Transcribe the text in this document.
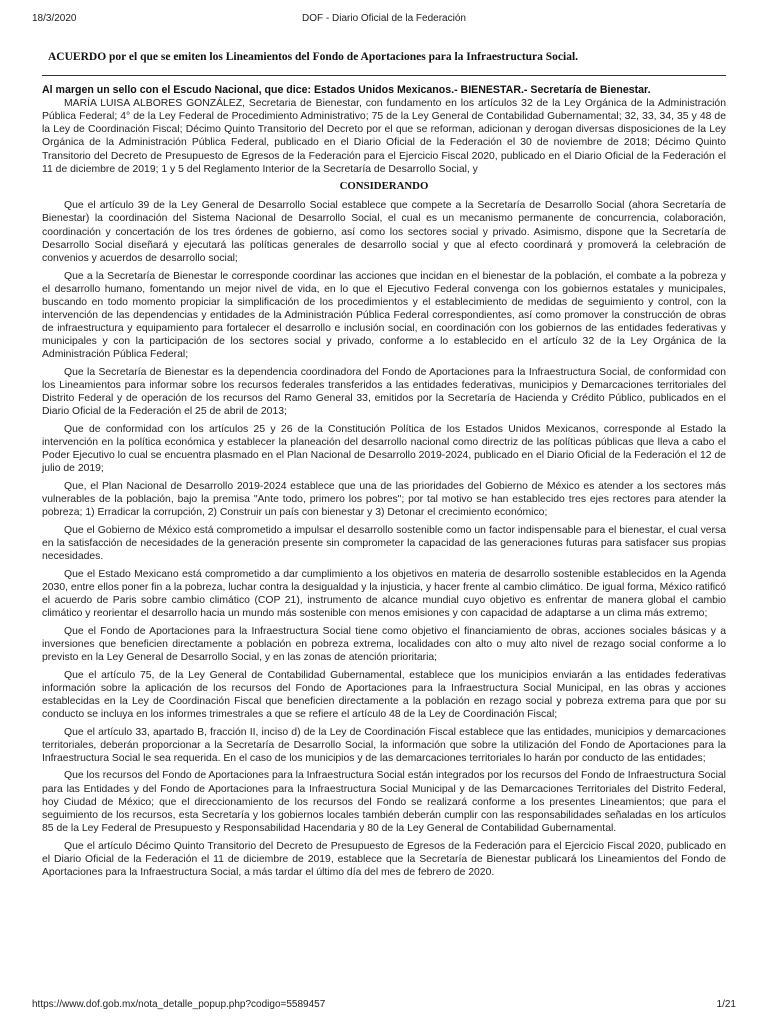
18/3/2020	DOF - Diario Oficial de la Federación

ACUERDO por el que se emiten los Lineamientos del Fondo de Aportaciones para la Infraestructura Social.

Al margen un sello con el Escudo Nacional, que dice: Estados Unidos Mexicanos.- BIENESTAR.- Secretaría de Bienestar.

MARÍA LUISA ALBORES GONZÁLEZ, Secretaria de Bienestar, con fundamento en los artículos 32 de la Ley Orgánica de la Administración Pública Federal; 4° de la Ley Federal de Procedimiento Administrativo; 75 de la Ley General de Contabilidad Gubernamental; 32, 33, 34, 35 y 48 de la Ley de Coordinación Fiscal; Décimo Quinto Transitorio del Decreto por el que se reforman, adicionan y derogan diversas disposiciones de la Ley Orgánica de la Administración Pública Federal, publicado en el Diario Oficial de la Federación el 30 de noviembre de 2018; Décimo Quinto Transitorio del Decreto de Presupuesto de Egresos de la Federación para el Ejercicio Fiscal 2020, publicado en el Diario Oficial de la Federación el 11 de diciembre de 2019; 1 y 5 del Reglamento Interior de la Secretaría de Desarrollo Social, y

CONSIDERANDO

Que el artículo 39 de la Ley General de Desarrollo Social establece que compete a la Secretaría de Desarrollo Social (ahora Secretaría de Bienestar) la coordinación del Sistema Nacional de Desarrollo Social, el cual es un mecanismo permanente de concurrencia, colaboración, coordinación y concertación de los tres órdenes de gobierno, así como los sectores social y privado. Asimismo, dispone que la Secretaría de Desarrollo Social diseñará y ejecutará las políticas generales de desarrollo social y que al efecto coordinará y promoverá la celebración de convenios y acuerdos de desarrollo social;

Que a la Secretaría de Bienestar le corresponde coordinar las acciones que incidan en el bienestar de la población, el combate a la pobreza y el desarrollo humano, fomentando un mejor nivel de vida, en lo que el Ejecutivo Federal convenga con los gobiernos estatales y municipales, buscando en todo momento propiciar la simplificación de los procedimientos y el establecimiento de medidas de seguimiento y control, con la intervención de las dependencias y entidades de la Administración Pública Federal correspondientes, así como promover la construcción de obras de infraestructura y equipamiento para fortalecer el desarrollo e inclusión social, en coordinación con los gobiernos de las entidades federativas y municipales y con la participación de los sectores social y privado, conforme a lo establecido en el artículo 32 de la Ley Orgánica de la Administración Pública Federal;

Que la Secretaría de Bienestar es la dependencia coordinadora del Fondo de Aportaciones para la Infraestructura Social, de conformidad con los Lineamientos para informar sobre los recursos federales transferidos a las entidades federativas, municipios y Demarcaciones territoriales del Distrito Federal y de operación de los recursos del Ramo General 33, emitidos por la Secretaría de Hacienda y Crédito Público, publicados en el Diario Oficial de la Federación el 25 de abril de 2013;

Que de conformidad con los artículos 25 y 26 de la Constitución Política de los Estados Unidos Mexicanos, corresponde al Estado la intervención en la política económica y establecer la planeación del desarrollo nacional como directriz de las políticas públicas que lleva a cabo el Poder Ejecutivo lo cual se encuentra plasmado en el Plan Nacional de Desarrollo 2019-2024, publicado en el Diario Oficial de la Federación el 12 de julio de 2019;

Que, el Plan Nacional de Desarrollo 2019-2024 establece que una de las prioridades del Gobierno de México es atender a los sectores más vulnerables de la población, bajo la premisa "Ante todo, primero los pobres"; por tal motivo se han establecido tres ejes rectores para atender la pobreza; 1) Erradicar la corrupción, 2) Construir un país con bienestar y 3) Detonar el crecimiento económico;

Que el Gobierno de México está comprometido a impulsar el desarrollo sostenible como un factor indispensable para el bienestar, el cual versa en la satisfacción de necesidades de la generación presente sin comprometer la capacidad de las generaciones futuras para satisfacer sus propias necesidades.

Que el Estado Mexicano está comprometido a dar cumplimiento a los objetivos en materia de desarrollo sostenible establecidos en la Agenda 2030, entre ellos poner fin a la pobreza, luchar contra la desigualdad y la injusticia, y hacer frente al cambio climático. De igual forma, México ratificó el acuerdo de Paris sobre cambio climático (COP 21), instrumento de alcance mundial cuyo objetivo es enfrentar de manera global el cambio climático y reorientar el desarrollo hacia un mundo más sostenible con menos emisiones y con capacidad de adaptarse a un clima más extremo;

Que el Fondo de Aportaciones para la Infraestructura Social tiene como objetivo el financiamiento de obras, acciones sociales básicas y a inversiones que beneficien directamente a población en pobreza extrema, localidades con alto o muy alto nivel de rezago social conforme a lo previsto en la Ley General de Desarrollo Social, y en las zonas de atención prioritaria;

Que el artículo 75, de la Ley General de Contabilidad Gubernamental, establece que los municipios enviarán a las entidades federativas información sobre la aplicación de los recursos del Fondo de Aportaciones para la Infraestructura Social Municipal, en las obras y acciones establecidas en la Ley de Coordinación Fiscal que beneficien directamente a la población en rezago social y pobreza extrema para que por su conducto se incluya en los informes trimestrales a que se refiere el artículo 48 de la Ley de Coordinación Fiscal;

Que el artículo 33, apartado B, fracción II, inciso d) de la Ley de Coordinación Fiscal establece que las entidades, municipios y demarcaciones territoriales, deberán proporcionar a la Secretaría de Desarrollo Social, la información que sobre la utilización del Fondo de Aportaciones para la Infraestructura Social le sea requerida. En el caso de los municipios y de las demarcaciones territoriales lo harán por conducto de las entidades;

Que los recursos del Fondo de Aportaciones para la Infraestructura Social están integrados por los recursos del Fondo de Infraestructura Social para las Entidades y del Fondo de Aportaciones para la Infraestructura Social Municipal y de las Demarcaciones Territoriales del Distrito Federal, hoy Ciudad de México; que el direccionamiento de los recursos del Fondo se realizará conforme a los presentes Lineamientos; que para el seguimiento de los recursos, esta Secretaría y los gobiernos locales también deberán cumplir con las responsabilidades señaladas en los artículos 85 de la Ley Federal de Presupuesto y Responsabilidad Hacendaria y 80 de la Ley General de Contabilidad Gubernamental.

Que el artículo Décimo Quinto Transitorio del Decreto de Presupuesto de Egresos de la Federación para el Ejercicio Fiscal 2020, publicado en el Diario Oficial de la Federación el 11 de diciembre de 2019, establece que la Secretaría de Bienestar publicará los Lineamientos del Fondo de Aportaciones para la Infraestructura Social, a más tardar el último día del mes de febrero de 2020.

https://www.dof.gob.mx/nota_detalle_popup.php?codigo=5589457	1/21
